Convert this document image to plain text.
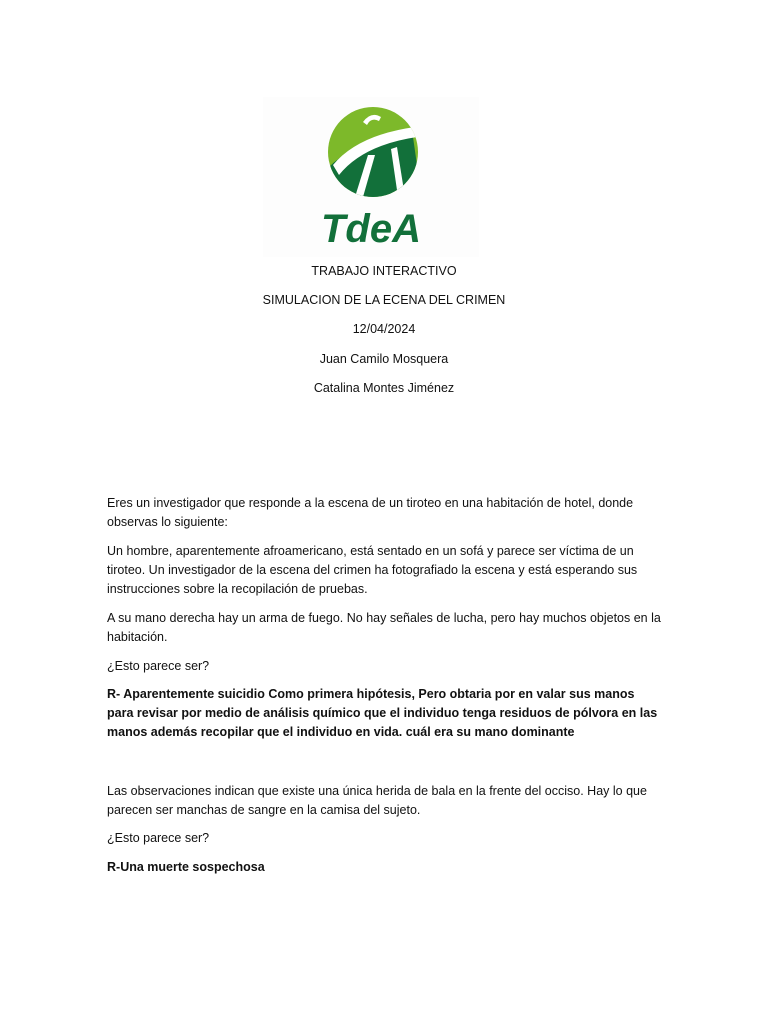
TdeA
TRABAJO INTERACTIVO
SIMULACION DE LA ECENA DEL CRIMEN
12/04/2024
Juan Camilo Mosquera
Catalina Montes Jiménez
Eres un investigador que responde a la escena de un tiroteo en una habitación de hotel, donde observas lo siguiente:
Un hombre, aparentemente afroamericano, está sentado en un sofá y parece ser víctima de un tiroteo. Un investigador de la escena del crimen ha fotografiado la escena y está esperando sus instrucciones sobre la recopilación de pruebas.
A su mano derecha hay un arma de fuego. No hay señales de lucha, pero hay muchos objetos en la habitación.
¿Esto parece ser?
R- Aparentemente suicidio Como primera hipótesis, Pero obtaria por en valar sus manos para revisar por medio de análisis químico que el individuo tenga residuos de pólvora en las manos además recopilar que el individuo en vida. cuál era su mano dominante
Las observaciones indican que existe una única herida de bala en la frente del occiso. Hay lo que parecen ser manchas de sangre en la camisa del sujeto.
¿Esto parece ser?
R-Una muerte sospechosa
